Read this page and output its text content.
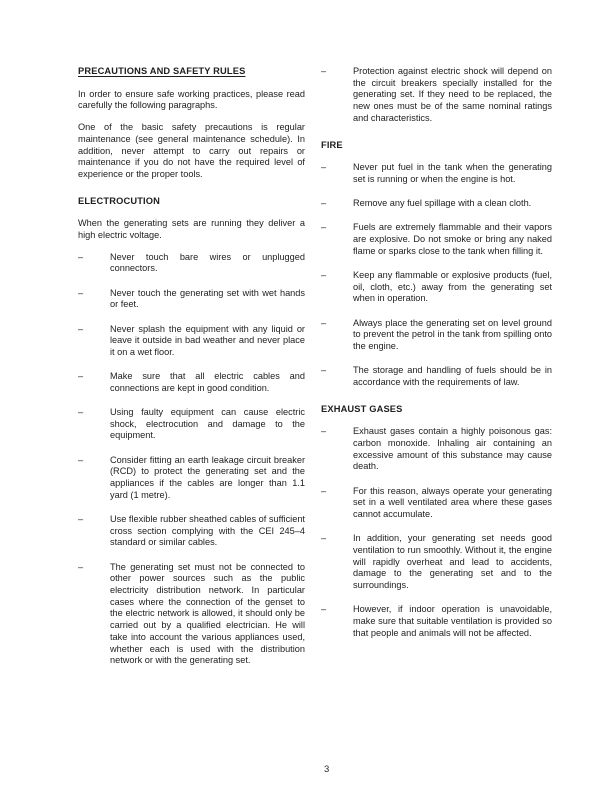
PRECAUTIONS AND SAFETY RULES

In order to ensure safe working practices, please read carefully the following paragraphs.

One of the basic safety precautions is regular maintenance (see general maintenance schedule). In addition, never attempt to carry out repairs or maintenance if you do not have the required level of experience or the proper tools.

ELECTROCUTION

When the generating sets are running they deliver a high electric voltage.

–	Never touch bare wires or unplugged connectors.
–	Never touch the generating set with wet hands or feet.
–	Never splash the equipment with any liquid or leave it outside in bad weather and never place it on a wet floor.
–	Make sure that all electric cables and connections are kept in good condition.
–	Using faulty equipment can cause electric shock, electrocution and damage to the equipment.
–	Consider fitting an earth leakage circuit breaker (RCD) to protect the generating set and the appliances if the cables are longer than 1.1 yard (1 metre).
–	Use flexible rubber sheathed cables of sufficient cross section complying with the CEI 245–4 standard or similar cables.
–	The generating set must not be connected to other power sources such as the public electricity distribution network. In particular cases where the connection of the genset to the electric network is allowed, it should only be carried out by a qualified electrician. He will take into account the various appliances used, whether each is used with the distribution network or with the generating set.
–	Protection against electric shock will depend on the circuit breakers specially installed for the generating set. If they need to be replaced, the new ones must be of the same nominal ratings and characteristics.
FIRE
–	Never put fuel in the tank when the generating set is running or when the engine is hot.
–	Remove any fuel spillage with a clean cloth.
–	Fuels are extremely flammable and their vapors are explosive. Do not smoke or bring any naked flame or sparks close to the tank when filling it.
–	Keep any flammable or explosive products (fuel, oil, cloth, etc.) away from the generating set when in operation.
–	Always place the generating set on level ground to prevent the petrol in the tank from spilling onto the engine.
–	The storage and handling of fuels should be in accordance with the requirements of law.
EXHAUST GASES
–	Exhaust gases contain a highly poisonous gas: carbon monoxide. Inhaling air containing an excessive amount of this substance may cause death.
–	For this reason, always operate your generating set in a well ventilated area where these gases cannot accumulate.
–	In addition, your generating set needs good ventilation to run smoothly. Without it, the engine will rapidly overheat and lead to accidents, damage to the generating set and to the surroundings.
–	However, if indoor operation is unavoidable, make sure that suitable ventilation is provided so that people and animals will not be affected.
3
